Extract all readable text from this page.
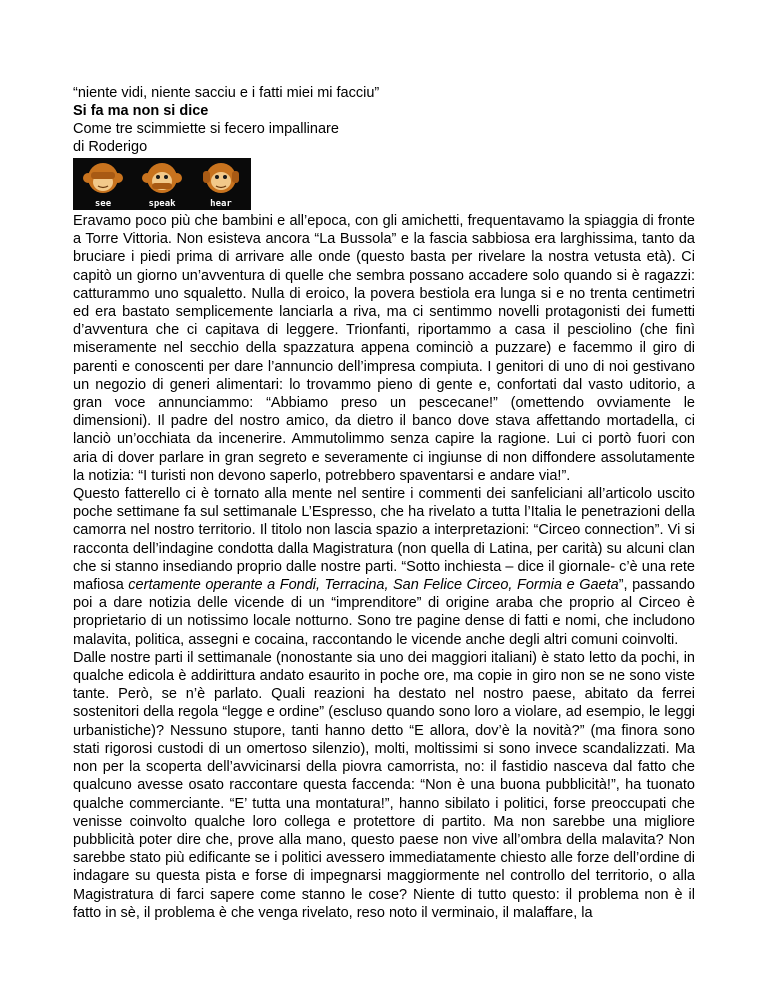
“niente vidi, niente sacciu e i fatti miei mi facciu”
Si fa ma non si dice
Come tre scimmiette si fecero impallinare
di Roderigo
see	speak	hear

Eravamo poco più che bambini e all’epoca, con gli amichetti, frequentavamo la spiaggia di fronte a Torre Vittoria. Non esisteva ancora “La Bussola” e la fascia sabbiosa era larghissima, tanto da bruciare i piedi prima di arrivare alle onde (questo basta per rivelare la nostra vetusta età). Ci capitò un giorno un’avventura di quelle che sembra possano accadere solo quando si è ragazzi: catturammo uno squaletto. Nulla di eroico, la povera bestiola era lunga si e no trenta centimetri ed era bastato semplicemente lanciarla a riva, ma ci sentimmo novelli protagonisti dei fumetti d’avventura che ci capitava di leggere. Trionfanti, riportammo a casa il pesciolino (che finì miseramente nel secchio della spazzatura appena cominciò a puzzare) e facemmo il giro di parenti e conoscenti per dare l’annuncio dell’impresa compiuta. I genitori di uno di noi gestivano un negozio di generi alimentari: lo trovammo pieno di gente e, confortati dal vasto uditorio, a gran voce annunciammo: “Abbiamo preso un pescecane!” (omettendo ovviamente le dimensioni). Il padre del nostro amico, da dietro il banco dove stava affettando mortadella, ci lanciò un’occhiata da incenerire. Ammutolimmo senza capire la ragione. Lui ci portò fuori con aria di dover parlare in gran segreto e severamente ci ingiunse di non diffondere assolutamente la notizia: “I turisti non devono saperlo, potrebbero spaventarsi e andare via!”.

Questo fatterello ci è tornato alla mente nel sentire i commenti dei sanfeliciani all’articolo uscito poche settimane fa sul settimanale L’Espresso, che ha rivelato a tutta l’Italia le penetrazioni della camorra nel nostro territorio. Il titolo non lascia spazio a interpretazioni: “Circeo connection”. Vi si racconta dell’indagine condotta dalla Magistratura (non quella di Latina, per carità) su alcuni clan che si stanno insediando proprio dalle nostre parti. “Sotto inchiesta – dice il giornale- c’è una rete mafiosa certamente operante a Fondi, Terracina, San Felice Circeo, Formia e Gaeta”, passando poi a dare notizia delle vicende di un “imprenditore” di origine araba che proprio al Circeo è proprietario di un notissimo locale notturno. Sono tre pagine dense di fatti e nomi, che includono malavita, politica, assegni e cocaina, raccontando le vicende anche degli altri comuni coinvolti.

Dalle nostre parti il settimanale (nonostante sia uno dei maggiori italiani) è stato letto da pochi, in qualche edicola è addirittura andato esaurito in poche ore, ma copie in giro non se ne sono viste tante. Però, se n’è parlato. Quali reazioni ha destato nel nostro paese, abitato da ferrei sostenitori della regola “legge e ordine” (escluso quando sono loro a violare, ad esempio, le leggi urbanistiche)? Nessuno stupore, tanti hanno detto “E allora, dov’è la novità?” (ma finora sono stati rigorosi custodi di un omertoso silenzio), molti, moltissimi si sono invece scandalizzati. Ma non per la scoperta dell’avvicinarsi della piovra camorrista, no: il fastidio nasceva dal fatto che qualcuno avesse osato raccontare questa faccenda: “Non è una buona pubblicità!”, ha tuonato qualche commerciante. “E’ tutta una montatura!”, hanno sibilato i politici, forse preoccupati che venisse coinvolto qualche loro collega e protettore di partito. Ma non sarebbe una migliore pubblicità poter dire che, prove alla mano, questo paese non vive all’ombra della malavita? Non sarebbe stato più edificante se i politici avessero immediatamente chiesto alle forze dell’ordine di indagare su questa pista e forse di impegnarsi maggiormente nel controllo del territorio, o alla Magistratura di farci sapere come stanno le cose? Niente di tutto questo: il problema non è il fatto in sè, il problema è che venga rivelato, reso noto il verminaio, il malaffare, la
